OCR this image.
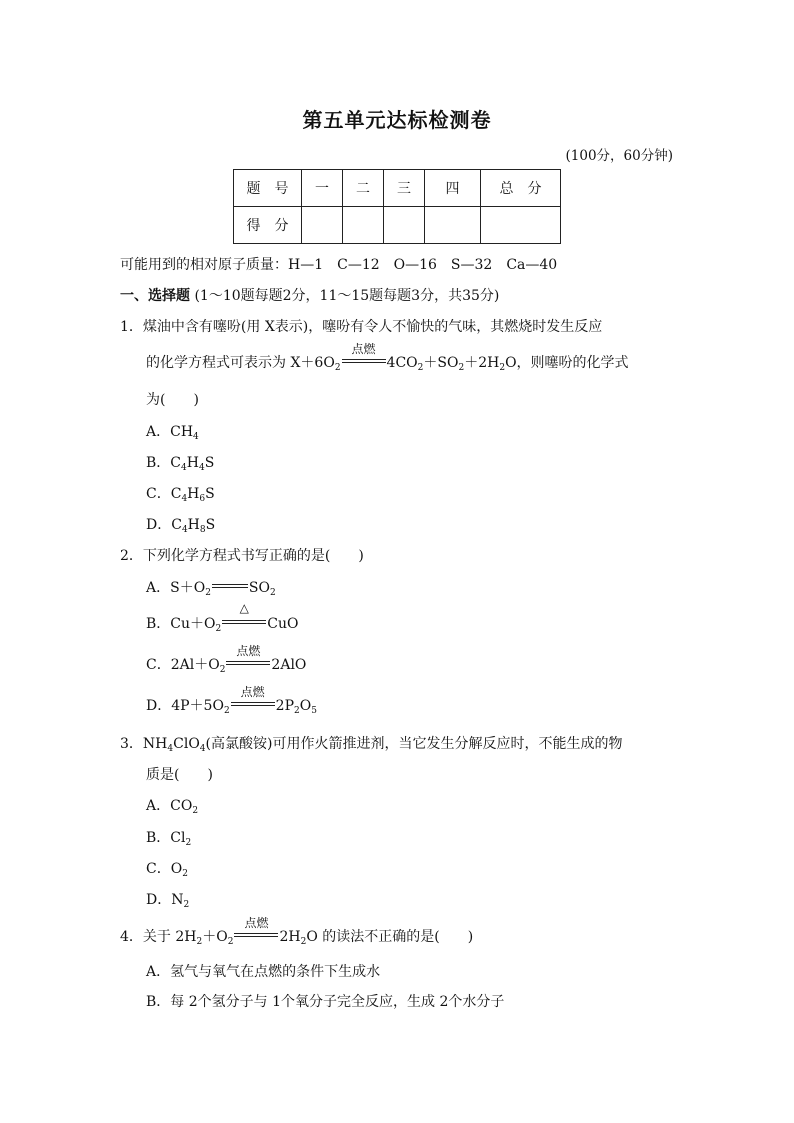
第五单元达标检测卷
(100分，60分钟)
题　号	一	二	三	四	总　分
得　分					
可能用到的相对原子质量：H—1　C—12　O—16　S—32　Ca—40
一、选择题 (1～10题每题2分，11～15题每题3分，共35分)
1．煤油中含有噻吩(用 X表示)，噻吩有令人不愉快的气味，其燃烧时发生反应
的化学方程式可表示为 $X+6O_2$
点燃
$4CO_2+SO_2+2H_2O$，则噻吩的化学式
为(　　)
A．$CH_4$
B．$C_4H_4S$
C．$C_4H_6S$
D．$C_4H_8S$
2．下列化学方程式书写正确的是(　　)
A．$S+O_2$	$SO_2$
B．$Cu+O_2$
△
CuO
C．$2Al+O_2$
点燃
2AlO
D．$4P+5O_2$
点燃
$2P_2O_5$
3．$NH_4ClO_4$(高氯酸铵)可用作火箭推进剂，当它发生分解反应时，不能生成的物
质是(　　)
A．$CO_2$
B．$Cl_2$
C．$O_2$
D．$N_2$
4．关于 $2H_2+O_2$
点燃
$2H_2O$ 的读法不正确的是(　　)
A．氢气与氧气在点燃的条件下生成水
B．每 2个氢分子与 1个氧分子完全反应，生成 2个水分子
